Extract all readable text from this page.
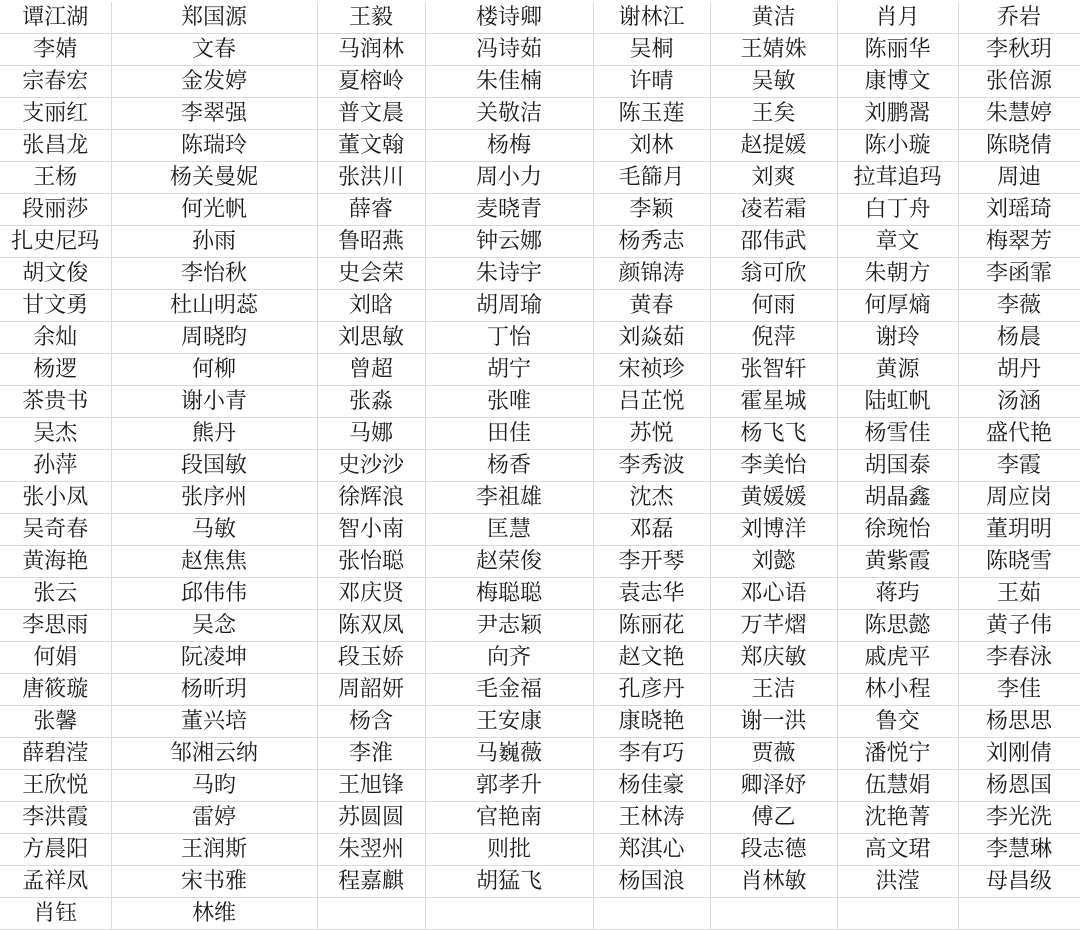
谭江湖	郑国源	王毅	楼诗卿	谢林江	黄洁	肖月	乔岩
李婧	文春	马润林	冯诗茹	吴桐	王婧姝	陈丽华	李秋玥
宗春宏	金发婷	夏榕岭	朱佳楠	许晴	吴敏	康博文	张倍源
支丽红	李翠强	普文晨	关敬洁	陈玉莲	王矣	刘鹏翯	朱慧婷
张昌龙	陈瑞玲	董文翰	杨梅	刘林	赵提媛	陈小璇	陈晓倩
王杨	杨关曼妮	张洪川	周小力	毛篩月	刘爽	拉茸追玛	周迪
段丽莎	何光帆	薛睿	麦晓青	李颖	凌若霜	白丁舟	刘瑶琦
扎史尼玛	孙雨	鲁昭燕	钟云娜	杨秀志	邵伟武	章文	梅翠芳
胡文俊	李怡秋	史会荣	朱诗宇	颜锦涛	翁可欣	朱朝方	李函霏
甘文勇	杜山明蕊	刘晗	胡周瑜	黄春	何雨	何厚熵	李薇
余灿	周晓昀	刘思敏	丁怡	刘焱茹	倪萍	谢玲	杨晨
杨逻	何柳	曾超	胡宁	宋祯珍	张智轩	黄源	胡丹
茶贵书	谢小青	张淼	张唯	吕芷悦	霍星城	陆虹帆	汤涵
吴杰	熊丹	马娜	田佳	苏悦	杨飞飞	杨雪佳	盛代艳
孙萍	段国敏	史沙沙	杨香	李秀波	李美怡	胡国泰	李霞
张小凤	张序州	徐辉浪	李祖雄	沈杰	黄媛媛	胡晶鑫	周应岗
吴奇春	马敏	智小南	匡慧	邓磊	刘博洋	徐琬怡	董玥明
黄海艳	赵焦焦	张怡聪	赵荣俊	李开琴	刘懿	黄紫霞	陈晓雪
张云	邱伟伟	邓庆贤	梅聪聪	袁志华	邓心语	蒋玙	王茹
李思雨	吴念	陈双凤	尹志颖	陈丽花	万芊熠	陈思懿	黄子伟
何娟	阮凌坤	段玉娇	向齐	赵文艳	郑庆敏	戚虎平	李春泳
唐筱璇	杨昕玥	周韶妍	毛金福	孔彦丹	王洁	林小程	李佳
张馨	董兴培	杨含	王安康	康晓艳	谢一洪	鲁交	杨思思
薛碧滢	邹湘云纳	李淮	马巍薇	李有巧	贾薇	潘悦宁	刘刚倩
王欣悦	马昀	王旭锋	郭孝升	杨佳豪	卿泽妤	伍慧娟	杨恩国
李洪霞	雷婷	苏圆圆	官艳南	王林涛	傅乙	沈艳菁	李光洗
方晨阳	王润斯	朱翌州	则批	郑淇心	段志德	高文珺	李慧琳
孟祥凤	宋书雅	程嘉麒	胡猛飞	杨国浪	肖林敏	洪滢	母昌级
肖钰	林维						
